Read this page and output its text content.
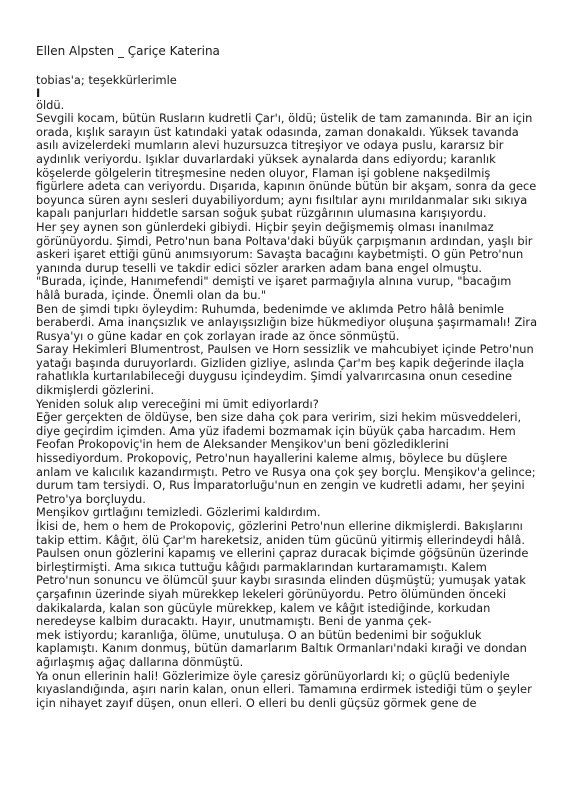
Ellen Alpsten _ Çariçe Katerina
tobias'a; teşekkürlerimle
I

öldü.

Sevgili kocam, bütün Rusların kudretli Çar'ı, öldü; üstelik de tam zamanında. Bir an için orada, kışlık sarayın üst katındaki yatak odasında, zaman donakaldı. Yüksek tavanda asılı avizelerdeki mumların alevi huzursuzca titreşiyor ve odaya puslu, kararsız bir aydınlık veriyordu. Işıklar duvarlardaki yüksek aynalarda dans ediyordu; karanlık köşelerde gölgelerin titreşmesine neden oluyor, Flaman işi goblene nakşedilmiş figürlere adeta can veriyordu. Dışarıda, kapının önünde bütün bir akşam, sonra da gece boyunca süren aynı sesleri duyabiliyordum; aynı fısıltılar aynı mırıldanmalar sıkı sıkıya kapalı panjurları hiddetle sarsan soğuk şubat rüzgârının ulumasına karışıyordu.

Her şey aynen son günlerdeki gibiydi. Hiçbir şeyin değişmemiş olması inanılmaz görünüyordu. Şimdi, Petro'nun bana Poltava'daki büyük çarpışmanın ardından, yaşlı bir askeri işaret ettiği günü anımsıyorum: Savaşta bacağını kaybetmişti. O gün Petro'nun yanında durup teselli ve takdir edici sözler ararken adam bana engel olmuştu.

"Burada, içinde, Hanımefendi" demişti ve işaret parmağıyla alnına vurup, "bacağım hâlâ burada, içinde. Önemli olan da bu."

Ben de şimdi tıpkı öyleydim: Ruhumda, bedenimde ve aklımda Petro hâlâ benimle beraberdi. Ama inançsızlık ve anlayışsızlığın bize hükmediyor oluşuna şaşırmamalı! Zira Rusya'yı o güne kadar en çok zorlayan irade az önce sönmüştü.

Saray Hekimleri Blumentrost, Paulsen ve Horn sessizlik ve mahcubiyet içinde Petro'nun yatağı başında duruyorlardı. Gizliden gizliye, aslında Çar'm beş kapik değerinde ilaçla rahatlıkla kurtarılabileceği duygusu içindeydim. Şimdi yalvarırcasına onun cesedine dikmişlerdi gözlerini.

Yeniden soluk alıp vereceğini mi ümit ediyorlardı?

Eğer gerçekten de öldüyse, ben size daha çok para veririm, sizi hekim müsveddeleri, diye geçirdim içimden. Ama yüz ifademi bozmamak için büyük çaba harcadım. Hem Feofan Prokopoviç'in hem de Aleksander Menşikov'un beni gözlediklerini hissediyordum. Prokopoviç, Petro'nun hayallerini kaleme almış, böylece bu düşlere anlam ve kalıcılık kazandırmıştı. Petro ve Rusya ona çok şey borçlu. Menşikov'a gelince; durum tam tersiydi. O, Rus İmparatorluğu'nun en zengin ve kudretli adamı, her şeyini Petro'ya borçluydu.

Menşikov gırtlağını temizledi. Gözlerimi kaldırdım.

İkisi de, hem o hem de Prokopoviç, gözlerini Petro'nun ellerine dikmişlerdi. Bakışlarını takip ettim. Kâğıt, ölü Çar'm hareketsiz, aniden tüm gücünü yitirmiş ellerindeydi hâlâ. Paulsen onun gözlerini kapamış ve ellerini çapraz duracak biçimde göğsünün üzerinde birleştirmişti. Ama sıkıca tuttuğu kâğıdı parmaklarından kurtaramamıştı. Kalem Petro'nun sonuncu ve ölümcül şuur kaybı sırasında elinden düşmüştü; yumuşak yatak çarşafının üzerinde siyah mürekkep lekeleri görünüyordu. Petro ölümünden önceki dakikalarda, kalan son gücüyle mürekkep, kalem ve kâğıt istediğinde, korkudan neredeyse kalbim duracaktı. Hayır, unutmamıştı. Beni de yanma çek-

mek istiyordu; karanlığa, ölüme, unutuluşa. O an bütün bedenimi bir soğukluk kaplamıştı. Kanım donmuş, bütün damarlarım Baltık Ormanları'ndaki kıraği ve dondan ağırlaşmış ağaç dallarına dönmüştü.

Ya onun ellerinin hali! Gözlerimize öyle çaresiz görünüyorlardı ki; o güçlü bedeniyle kıyaslandığında, aşırı narin kalan, onun elleri. Tamamına erdirmek istediği tüm o şeyler için nihayet zayıf düşen, onun elleri. O elleri bu denli güçsüz görmek gene de
